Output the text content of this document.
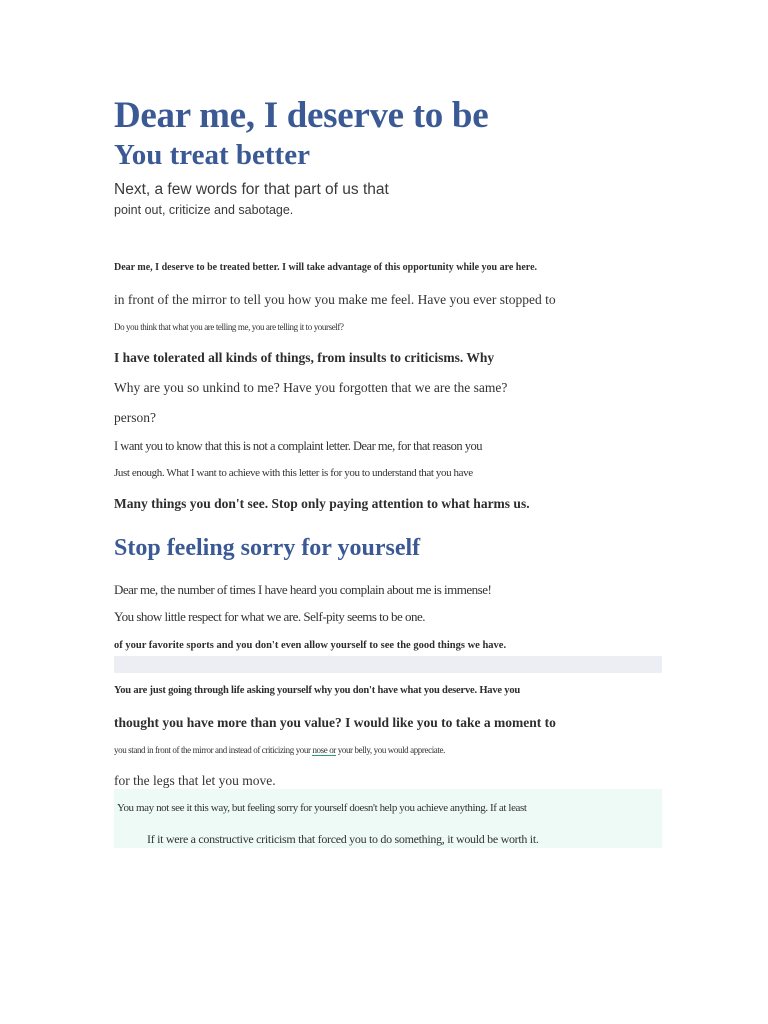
Dear me, I deserve to be
You treat better
Next, a few words for that part of us that
point out, criticize and sabotage.
Dear me, I deserve to be treated better. I will take advantage of this opportunity while you are here.
in front of the mirror to tell you how you make me feel. Have you ever stopped to
Do you think that what you are telling me, you are telling it to yourself?
I have tolerated all kinds of things, from insults to criticisms. Why
Why are you so unkind to me? Have you forgotten that we are the same?
person?
I want you to know that this is not a complaint letter. Dear me, for that reason you
Just enough. What I want to achieve with this letter is for you to understand that you have
Many things you don't see. Stop only paying attention to what harms us.
Stop feeling sorry for yourself
Dear me, the number of times I have heard you complain about me is immense!
You show little respect for what we are. Self-pity seems to be one.
of your favorite sports and you don't even allow yourself to see the good things we have.
You are just going through life asking yourself why you don't have what you deserve. Have you
thought you have more than you value? I would like you to take a moment to
you stand in front of the mirror and instead of criticizing your nose or your belly, you would appreciate.
for the legs that let you move.
You may not see it this way, but feeling sorry for yourself doesn't help you achieve anything. If at least
If it were a constructive criticism that forced you to do something, it would be worth it.
